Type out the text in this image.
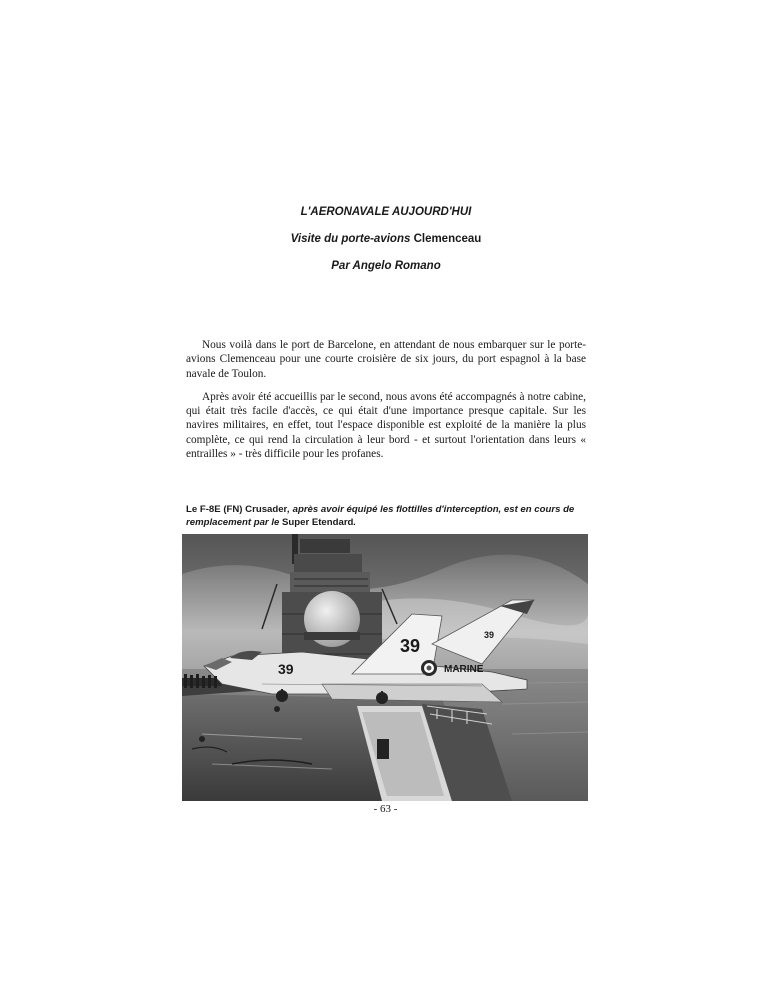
L'AERONAVALE AUJOURD'HUI

Visite du porte-avions Clemenceau

Par Angelo Romano

Nous voilà dans le port de Barcelone, en attendant de nous embarquer sur le porte-avions Clemenceau pour une courte croisière de six jours, du port espagnol à la base navale de Toulon.

Après avoir été accueillis par le second, nous avons été accompagnés à notre cabine, qui était très facile d'accès, ce qui était d'une importance presque capitale. Sur les navires militaires, en effet, tout l'espace disponible est exploité de la manière la plus complète, ce qui rend la circulation à leur bord - et surtout l'orientation dans leurs « entrailles » - très difficile pour les profanes.

Le F-8E (FN) Crusader, après avoir équipé les flottilles d'interception, est en cours de remplacement par le Super Etendard.
39
39
39
MARINE
- 63 -
